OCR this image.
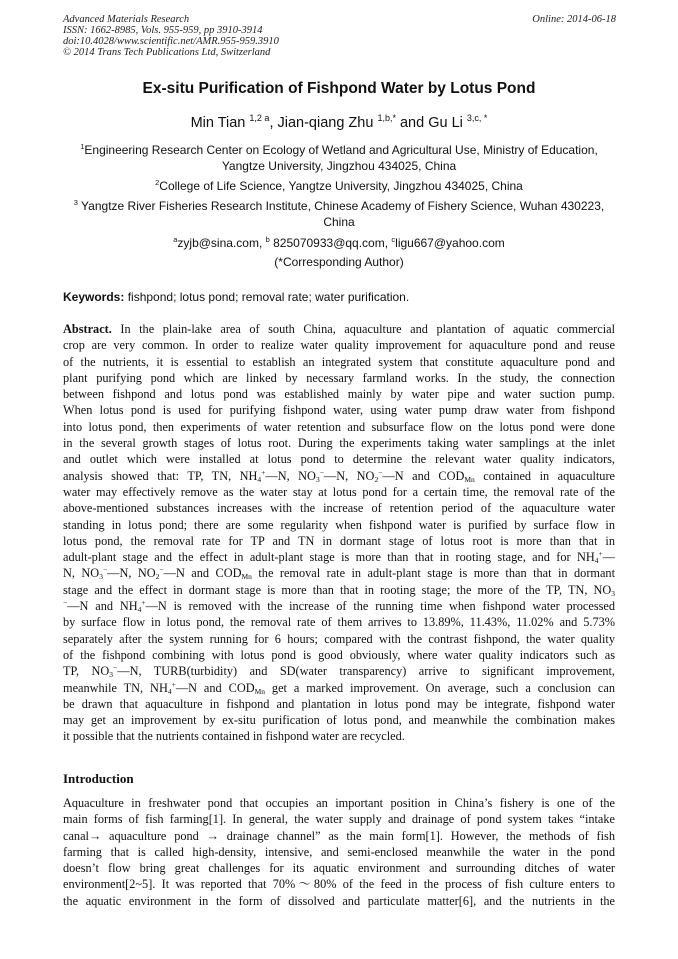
Advanced Materials Research
ISSN: 1662-8985, Vols. 955-959, pp 3910-3914
doi:10.4028/www.scientific.net/AMR.955-959.3910
© 2014 Trans Tech Publications Ltd, Switzerland
Online: 2014-06-18
Ex-situ Purification of Fishpond Water by Lotus Pond
Min Tian $^{1,2 a}$, Jian-qiang Zhu $^{1,b,*}$ and Gu Li $^{3,c, *}$
$^1$Engineering Research Center on Ecology of Wetland and Agricultural Use, Ministry of Education, Yangtze University, Jingzhou 434025, China
$^2$College of Life Science, Yangtze University, Jingzhou 434025, China
$^3$ Yangtze River Fisheries Research Institute, Chinese Academy of Fishery Science, Wuhan 430223, China
$^a$zyjb@sina.com, $^b$ 825070933@qq.com, $^c$ligu667@yahoo.com
(*Corresponding Author)
Keywords: fishpond; lotus pond; removal rate; water purification.
Abstract. In the plain-lake area of south China, aquaculture and plantation of aquatic commercial
crop are very common. In order to realize water quality improvement for aquaculture pond and reuse
of the nutrients, it is essential to establish an integrated system that constitute aquaculture pond and
plant purifying pond which are linked by necessary farmland works. In the study, the connection
between fishpond and lotus pond was established mainly by water pipe and water suction pump.
When lotus pond is used for purifying fishpond water, using water pump draw water from fishpond
into lotus pond, then experiments of water retention and subsurface flow on the lotus pond were done
in the several growth stages of lotus root. During the experiments taking water samplings at the inlet
and outlet which were installed at lotus pond to determine the relevant water quality indicators,
analysis showed that: TP, TN, $NH_4^+—N$, $NO_3^-—N$, $NO_2^-—N$ and $COD_{Mn}$ contained in aquaculture
water may effectively remove as the water stay at lotus pond for a certain time, the removal rate of the
above-mentioned substances increases with the increase of retention period of the aquaculture water
standing in lotus pond; there are some regularity when fishpond water is purified by surface flow in
lotus pond, the removal rate for TP and TN in dormant stage of lotus root is more than that in
adult-plant stage and the effect in adult-plant stage is more than that in rooting stage, and for $NH_4^+—$
N, $NO_3^-—N$, $NO_2^-—N$ and $COD_{Mn}$ the removal rate in adult-plant stage is more than that in dormant
stage and the effect in dormant stage is more than that in rooting stage; the more of the TP, TN, $NO_3$
−—N and $NH_4^+—N$ is removed with the increase of the running time when fishpond water processed
by surface flow in lotus pond, the removal rate of them arrives to 13.89%, 11.43%, 11.02% and 5.73%
separately after the system running for 6 hours; compared with the contrast fishpond, the water quality
of the fishpond combining with lotus pond is good obviously, where water quality indicators such as
TP, $NO_3^-—N$, TURB(turbidity) and SD(water transparency) arrive to significant improvement,
meanwhile TN, $NH_4^+—N$ and $COD_{Mn}$ get a marked improvement. On average, such a conclusion can
be drawn that aquaculture in fishpond and plantation in lotus pond may be integrate, fishpond water
may get an improvement by ex-situ purification of lotus pond, and meanwhile the combination makes
it possible that the nutrients contained in fishpond water are recycled.
Introduction
Aquaculture in freshwater pond that occupies an important position in China’s fishery is one of the
main forms of fish farming[1]. In general, the water supply and drainage of pond system takes “intake
canal→ aquaculture pond → drainage channel” as the main form[1]. However, the methods of fish
farming that is called high-density, intensive, and semi-enclosed meanwhile the water in the pond
doesn’t flow bring great challenges for its aquatic environment and surrounding ditches of water
environment[2~5]. It was reported that 70%～80% of the feed in the process of fish culture enters to
the aquatic environment in the form of dissolved and particulate matter[6], and the nutrients in the
